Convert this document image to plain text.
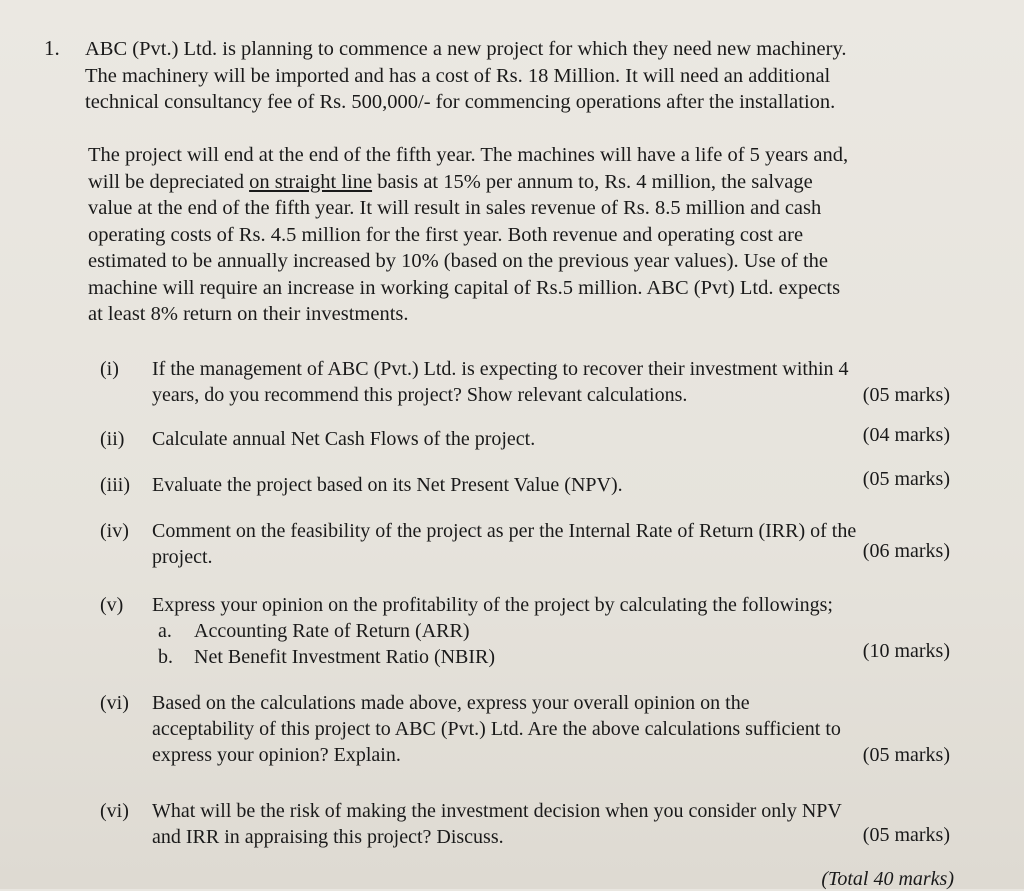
1. ABC (Pvt.) Ltd. is planning to commence a new project for which they need new machinery.
The machinery will be imported and has a cost of Rs. 18 Million. It will need an additional
technical consultancy fee of Rs. 500,000/- for commencing operations after the installation.
The project will end at the end of the fifth year. The machines will have a life of 5 years and,
will be depreciated on straight line basis at 15% per annum to, Rs. 4 million, the salvage
value at the end of the fifth year. It will result in sales revenue of Rs. 8.5 million and cash
operating costs of Rs. 4.5 million for the first year. Both revenue and operating cost are
estimated to be annually increased by 10% (based on the previous year values). Use of the
machine will require an increase in working capital of Rs.5 million. ABC (Pvt) Ltd. expects
at least 8% return on their investments.
(i) If the management of ABC (Pvt.) Ltd. is expecting to recover their investment within 4
years, do you recommend this project? Show relevant calculations.	(05 marks)
(ii) Calculate annual Net Cash Flows of the project.	(04 marks)
(iii) Evaluate the project based on its Net Present Value (NPV).	(05 marks)
(iv) Comment on the feasibility of the project as per the Internal Rate of Return (IRR) of the
project.	(06 marks)
(v) Express your opinion on the profitability of the project by calculating the followings;
a. Accounting Rate of Return (ARR)
b. Net Benefit Investment Ratio (NBIR)	(10 marks)
(vi) Based on the calculations made above, express your overall opinion on the
acceptability of this project to ABC (Pvt.) Ltd. Are the above calculations sufficient to
express your opinion? Explain.	(05 marks)
(vi) What will be the risk of making the investment decision when you consider only NPV
and IRR in appraising this project? Discuss.	(05 marks)
(Total 40 marks)
